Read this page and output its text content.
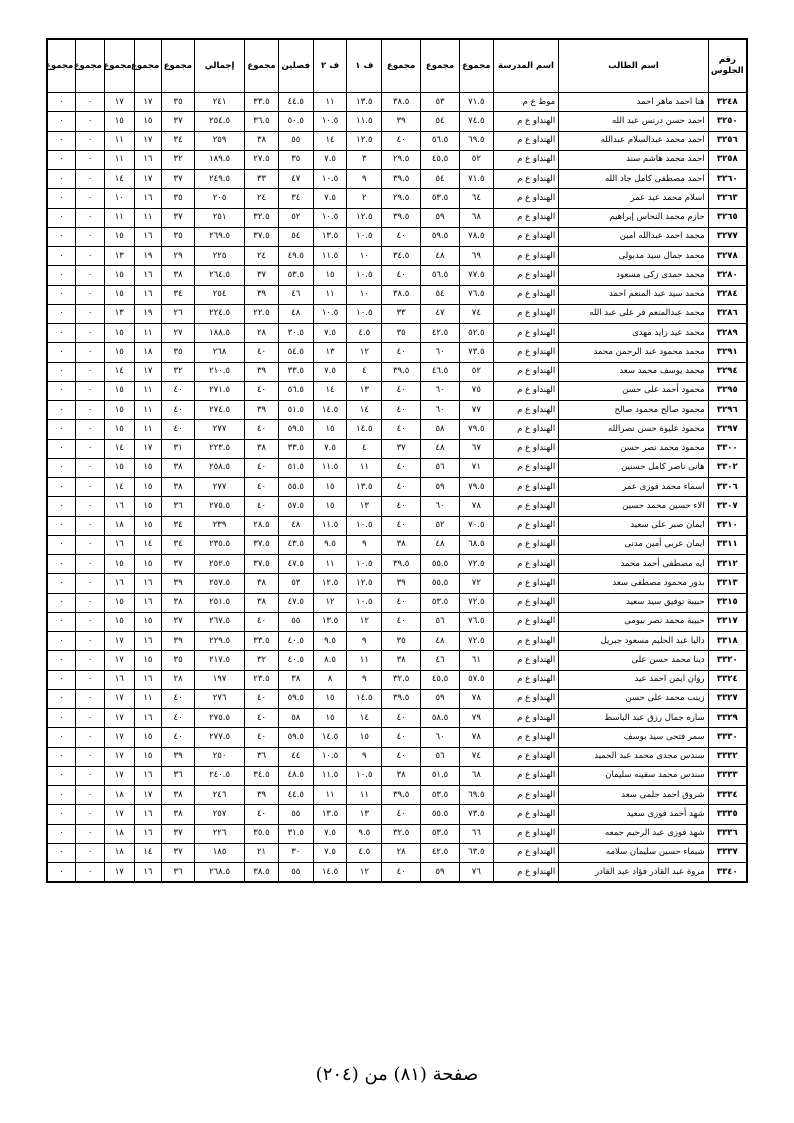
رقم الجلوس	اسم الطالب	اسم المدرسة	مجموع	مجموع	مجموع	ف ١	ف ٢	فصلين	مجموع	إجمالي	مجموع	مجموع	مجموع	مجموع	مجموع
٣٢٤٨	هنا احمد ماهر احمد	موط ع م	٧١.٥	٥٣	٣٨.٥	١٣.٥	١١	٤٤.٥	٣٣.٥	٢٤١	٣٥	١٧	١٧	٠	٠
٣٢٥٠	احمد حسن درنس عبد الله	الهنداو ع م	٧٤.٥	٥٤	٣٩	١١.٥	١٠.٥	٥٠.٥	٣٦.٥	٢٥٤.٥	٣٧	١٥	١٥	٠	٠
٣٢٥٦	احمد محمد عبدالسلام عبدالله	الهنداو ع م	٦٩.٥	٥٦.٥	٤٠	١٢.٥	١٤	٥٥	٣٨	٢٥٩	٣٤	١٧	١١	٠	٠
٣٢٥٨	احمد محمد هاشم سند	الهنداو ع م	٥٢	٤٥.٥	٢٩.٥	٣	٧.٥	٣٥	٢٧.٥	١٨٩.٥	٣٢	١٦	١١	٠	٠
٣٢٦٠	احمد مصطفى كامل جاد الله	الهنداو ع م	٧١.٥	٥٤	٣٩.٥	٩	١٠.٥	٤٧	٣٣	٢٤٩.٥	٣٧	١٧	١٤	٠	٠
٣٢٦٣	اسلام محمد عبد عمر	الهنداو ع م	٦٤	٥٣.٥	٢٩.٥	٢	٧.٥	٣٤	٢٤	٢٠٥	٣٥	١٦	١٠	٠	٠
٣٢٦٥	حازم محمد النحاس إبراهيم	الهنداو ع م	٦٨	٥٩	٣٩.٥	١٢.٥	١٠.٥	٥٢	٣٢.٥	٢٥١	٣٧	١١	١١	٠	٠
٣٢٧٧	محمد احمد عبدالله امين	الهنداو ع م	٧٨.٥	٥٩.٥	٤٠	١٠.٥	١٣.٥	٥٤	٣٧.٥	٢٦٩.٥	٣٥	١٦	١٥	٠	٠
٣٢٧٨	محمد جمال سيد مدبولى	الهنداو ع م	٦٩	٤٨	٣٤.٥	١٠	١١.٥	٤٩.٥	٢٤	٢٢٥	٢٩	١٩	١٣	٠	٠
٣٢٨٠	محمد حمدى زكى مسعود	الهنداو ع م	٧٧.٥	٥٦.٥	٤٠	١٠.٥	١٥	٥٣.٥	٣٧	٢٦٤.٥	٣٨	١٦	١٥	٠	٠
٣٢٨٤	محمد سيد عبد المنعم احمد	الهنداو ع م	٧٦.٥	٥٤	٣٨.٥	١٠	١١	٤٦	٣٩	٢٥٤	٣٤	١٦	١٥	٠	٠
٣٢٨٦	محمد عبدالمنعم فر على عبد الله	الهنداو ع م	٧٤	٤٧	٣٣	١٠.٥	١٠.٥	٤٨	٢٢.٥	٢٢٤.٥	٢٦	١٩	١٣	٠	٠
٣٢٨٩	محمد عيد زايد مهدى	الهنداو ع م	٥٢.٥	٤٢.٥	٣٥	٤.٥	٧.٥	٣٠.٥	٢٨	١٨٨.٥	٢٧	١١	١٥	٠	٠
٣٢٩١	محمد محمود عبد الرحمن محمد	الهنداو ع م	٧٣.٥	٦٠	٤٠	١٢	١٣	٥٤.٥	٤٠	٢٦٨	٣٥	١٨	١٥	٠	٠
٣٢٩٤	محمد يوسف محمد سعد	الهنداو ع م	٥٢	٤٦.٥	٣٩.٥	٤	٧.٥	٣٣.٥	٣٩	٢١٠.٥	٣٢	١٧	١٤	٠	٠
٣٢٩٥	محمود أحمد على حسن	الهنداو ع م	٧٥	٦٠	٤٠	١٣	١٤	٥٦.٥	٤٠	٢٧١.٥	٤٠	١١	١٥	٠	٠
٣٢٩٦	محمود صالح محمود صالح	الهنداو ع م	٧٧	٦٠	٤٠	١٤	١٤.٥	٥١.٥	٣٩	٢٧٤.٥	٤٠	١١	١٥	٠	٠
٣٢٩٧	محمود عليوة حسن نصرالله	الهنداو ع م	٧٩.٥	٥٨	٤٠	١٤.٥	١٥	٥٩.٥	٤٠	٢٧٧	٤٠	١١	١٥	٠	٠
٣٣٠٠	محمود محمد نصر حسن	الهنداو ع م	٦٧	٤٨	٣٧	٤	٧.٥	٣٣.٥	٣٨	٢٢٣.٥	٣١	١٧	١٤	٠	٠
٣٣٠٢	هانى ناصر كامل حسنين	الهنداو ع م	٧١	٥٦	٤٠	١١	١١.٥	٥١.٥	٤٠	٢٥٨.٥	٣٨	١٥	١٥	٠	٠
٣٣٠٦	اسماء محمد فوزى عمر	الهنداو ع م	٧٩.٥	٥٩	٤٠	١٣.٥	١٥	٥٥.٥	٤٠	٢٧٧	٣٨	١٥	١٤	٠	٠
٣٣٠٧	الاء حسين محمد حسين	الهنداو ع م	٧٨	٦٠	٤٠	١٣	١٥	٥٧.٥	٤٠	٢٧٥.٥	٣٦	١٥	١٦	٠	٠
٣٣١٠	ايمان صبر على سعيد	الهنداو ع م	٧٠.٥	٥٢	٤٠	١٠.٥	١١.٥	٤٨	٢٨.٥	٢٣٩	٣٤	١٥	١٨	٠	٠
٣٣١١	ايمان عربى أمين مدنى	الهنداو ع م	٦٨.٥	٤٨	٣٨	٩	٩.٥	٤٣.٥	٣٧.٥	٢٣٥.٥	٣٤	١٤	١٦	٠	٠
٣٣١٢	ايه مصطفى أحمد محمد	الهنداو ع م	٧٢.٥	٥٥.٥	٣٩.٥	١٠.٥	١١	٤٧.٥	٣٧.٥	٢٥٢.٥	٣٧	١٥	١٥	٠	٠
٣٣١٣	بدور محمود مصطفى سعد	الهنداو ع م	٧٢	٥٥.٥	٣٩	١٢.٥	١٢.٥	٥٣	٣٨	٢٥٧.٥	٣٩	١٦	١٦	٠	٠
٣٣١٥	حبيبة توفيق سيد سعيد	الهنداو ع م	٧٢.٥	٥٣.٥	٤٠	١٠.٥	١٢	٤٧.٥	٣٨	٢٥١.٥	٣٨	١٦	١٥	٠	٠
٣٣١٧	حبيبة محمد نصر بيومى	الهنداو ع م	٧٦.٥	٥٦	٤٠	١٢	١٣.٥	٥٥	٤٠	٢٦٧.٥	٣٧	١٥	١٥	٠	٠
٣٣١٨	داليا عبد الحليم مسعود جبريل	الهنداو ع م	٧٢.٥	٤٨	٣٥	٩	٩.٥	٤٠.٥	٣٣.٥	٢٢٩.٥	٣٩	١٦	١٧	٠	٠
٣٣٢٠	دينا محمد حسن على	الهنداو ع م	٦١	٤٦	٣٨	١١	٨.٥	٤٠.٥	٣٢	٢١٧.٥	٣٥	١٥	١٧	٠	٠
٣٣٢٤	روان ايمن احمد عيد	الهنداو ع م	٥٧.٥	٤٥.٥	٣٢.٥	٩	٨	٣٨	٢٣.٥	١٩٧	٢٨	١٦	١٦	٠	٠
٣٣٢٧	زينب محمد على حسن	الهنداو ع م	٧٨	٥٩	٣٩.٥	١٤.٥	١٥	٥٩.٥	٤٠	٢٧٦	٤٠	١١	١٧	٠	٠
٣٣٢٩	ساره جمال رزق عبد الباسط	الهنداو ع م	٧٩	٥٨.٥	٤٠	١٤	١٥	٥٨	٤٠	٢٧٥.٥	٤٠	١٦	١٧	٠	٠
٣٣٣٠	سمر فتحى سيد يوسف	الهنداو ع م	٧٨	٦٠	٤٠	١٥	١٤.٥	٥٩.٥	٤٠	٢٧٧.٥	٤٠	١٥	١٧	٠	٠
٣٣٣٢	سندس مجدى محمد عبد الحميد	الهنداو ع م	٧٤	٥٦	٤٠	٩	١٠.٥	٤٤	٣٦	٢٥٠	٣٩	١٥	١٧	٠	٠
٣٣٣٣	سندس محمد سفينه سليمان	الهنداو ع م	٦٨	٥١.٥	٣٨	١٠.٥	١١.٥	٤٨.٥	٣٤.٥	٢٤٠.٥	٣٦	١٦	١٧	٠	٠
٣٣٣٤	شروق احمد حلمى سعد	الهنداو ع م	٦٩.٥	٥٣.٥	٣٩.٥	١١	١١	٤٤.٥	٣٩	٢٤٦	٣٨	١٧	١٨	٠	٠
٣٣٣٥	شهد أحمد فوزى سعيد	الهنداو ع م	٧٣.٥	٥٥.٥	٤٠	١٣	١٣.٥	٥٥	٤٠	٢٥٧	٣٨	١٦	١٧	٠	٠
٣٣٣٦	شهد فوزى عبد الرحيم جمعه	الهنداو ع م	٦٦	٥٣.٥	٣٢.٥	٩.٥	٧.٥	٣١.٥	٣٥.٥	٢٢٦	٣٧	١٦	١٨	٠	٠
٣٣٣٧	شيماء حسين سليمان سلامه	الهنداو ع م	٦٣.٥	٤٢.٥	٢٨	٤.٥	٧.٥	٣٠	٢١	١٨٥	٣٧	١٤	١٨	٠	٠
٣٣٤٠	مروة عبد القادر فؤاد عبد القادر	الهنداو ع م	٧٦	٥٩	٤٠	١٢	١٤.٥	٥٥	٣٨.٥	٢٦٨.٥	٣٦	١٦	١٧	٠	٠
صفحة (٨١) من (٢٠٤)
